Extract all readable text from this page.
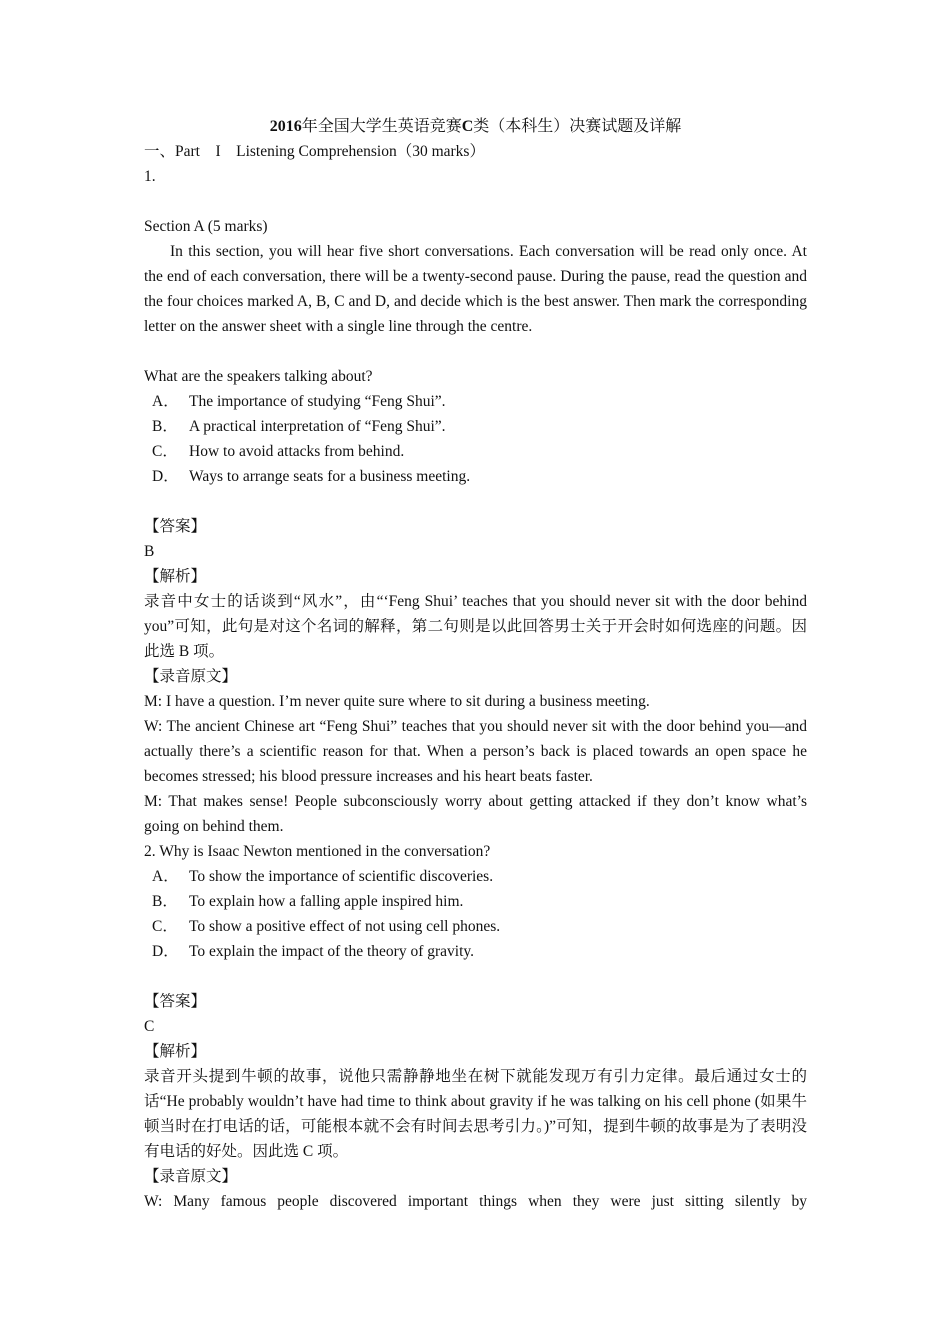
2016年全国大学生英语竞赛C类（本科生）决赛试题及详解
一、Part　I　Listening Comprehension（30 marks）
1.
Section A (5 marks)
In this section, you will hear five short conversations. Each conversation will be read only once. At the end of each conversation, there will be a twenty-second pause. During the pause, read the question and the four choices marked A, B, C and D, and decide which is the best answer. Then mark the corresponding letter on the answer sheet with a single line through the centre.
What are the speakers talking about?
A． The importance of studying “Feng Shui”.
B． A practical interpretation of “Feng Shui”.
C． How to avoid attacks from behind.
D． Ways to arrange seats for a business meeting.
【答案】
B
【解析】
录音中女士的话谈到“风水”，由“‘Feng Shui’ teaches that you should never sit with the door behind you”可知，此句是对这个名词的解释，第二句则是以此回答男士关于开会时如何选座的问题。因此选 B 项。
【录音原文】
M: I have a question. I’m never quite sure where to sit during a business meeting.
W: The ancient Chinese art “Feng Shui” teaches that you should never sit with the door behind you—and actually there’s a scientific reason for that. When a person’s back is placed towards an open space he becomes stressed; his blood pressure increases and his heart beats faster.
M: That makes sense! People subconsciously worry about getting attacked if they don’t know what’s going on behind them.
2. Why is Isaac Newton mentioned in the conversation?
A． To show the importance of scientific discoveries.
B． To explain how a falling apple inspired him.
C． To show a positive effect of not using cell phones.
D． To explain the impact of the theory of gravity.
【答案】
C
【解析】
录音开头提到牛顿的故事，说他只需静静地坐在树下就能发现万有引力定律。最后通过女士的话“He probably wouldn’t have had time to think about gravity if he was talking on his cell phone (如果牛顿当时在打电话的话，可能根本就不会有时间去思考引力。)”可知，提到牛顿的故事是为了表明没有电话的好处。因此选 C 项。
【录音原文】
W: Many famous people discovered important things when they were just sitting silently by
